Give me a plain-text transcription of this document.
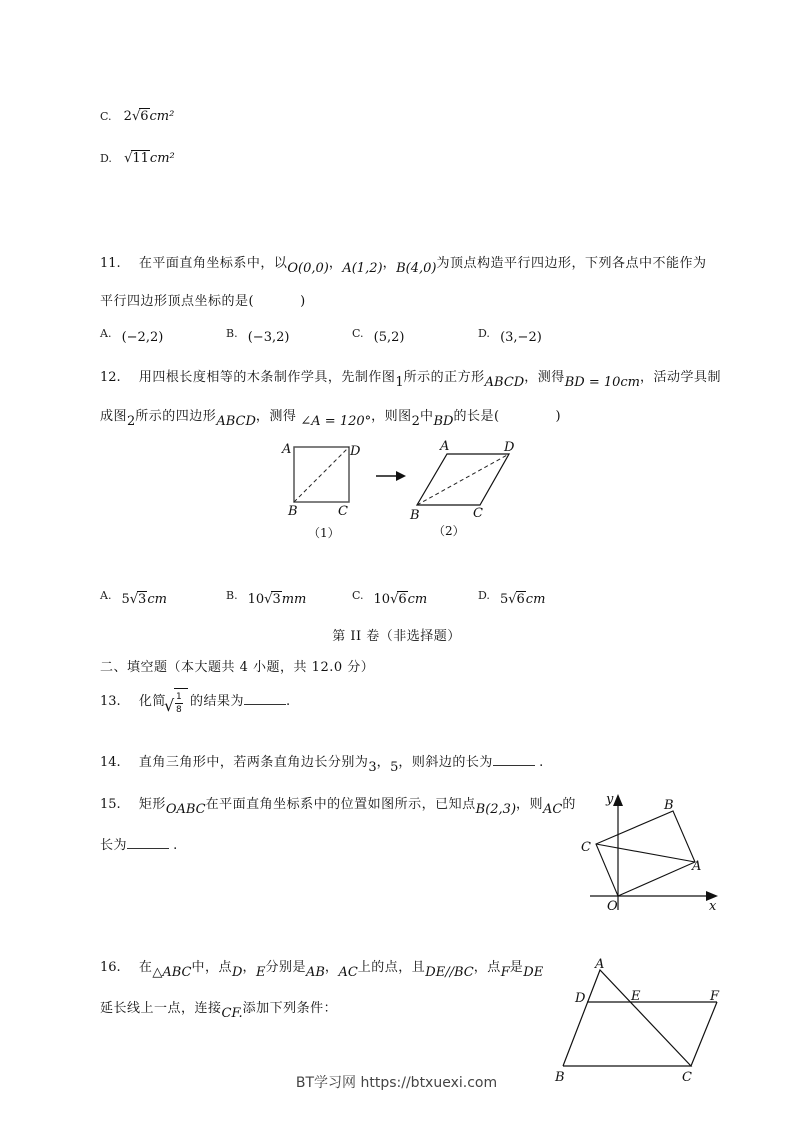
C. 2√6cm²
D. √11cm²
11. 在平面直角坐标系中，以O(0,0)，A(1,2)，B(4,0)为顶点构造平行四边形，下列各点中不能作为
平行四边形顶点坐标的是(	)
A. (−2,2)	B. (−3,2)	C. (5,2)	D. (3,−2)
12. 用四根长度相等的木条制作学具，先制作图1所示的正方形ABCD，测得BD = 10cm，活动学具制
成图2所示的四边形ABCD，测得 ∠A = 120°，则图2中BD的长是(	)
A	D
B	C
（1）
A	D
B	C
（2）
A. 5√3cm	B. 10√3mm	C. 10√6cm	D. 5√6cm
第 II 卷（非选择题）
二、填空题（本大题共 4 小题，共 12.0 分）
13. 化简
√ 1
8
的结果为	.
14. 直角三角形中，若两条直角边长分别为3，5，则斜边的长为	.
15. 矩形OABC在平面直角坐标系中的位置如图所示，已知点B(2,3)，则AC的
长为	.
y
x
O
A
B
C
16. 在△ABC中，点D，E分别是AB，AC上的点，且DE//BC，点F是DE
延长线上一点，连接CF.添加下列条件：
A
D	E	F
B	C
BT学习网 https://btxuexi.com
